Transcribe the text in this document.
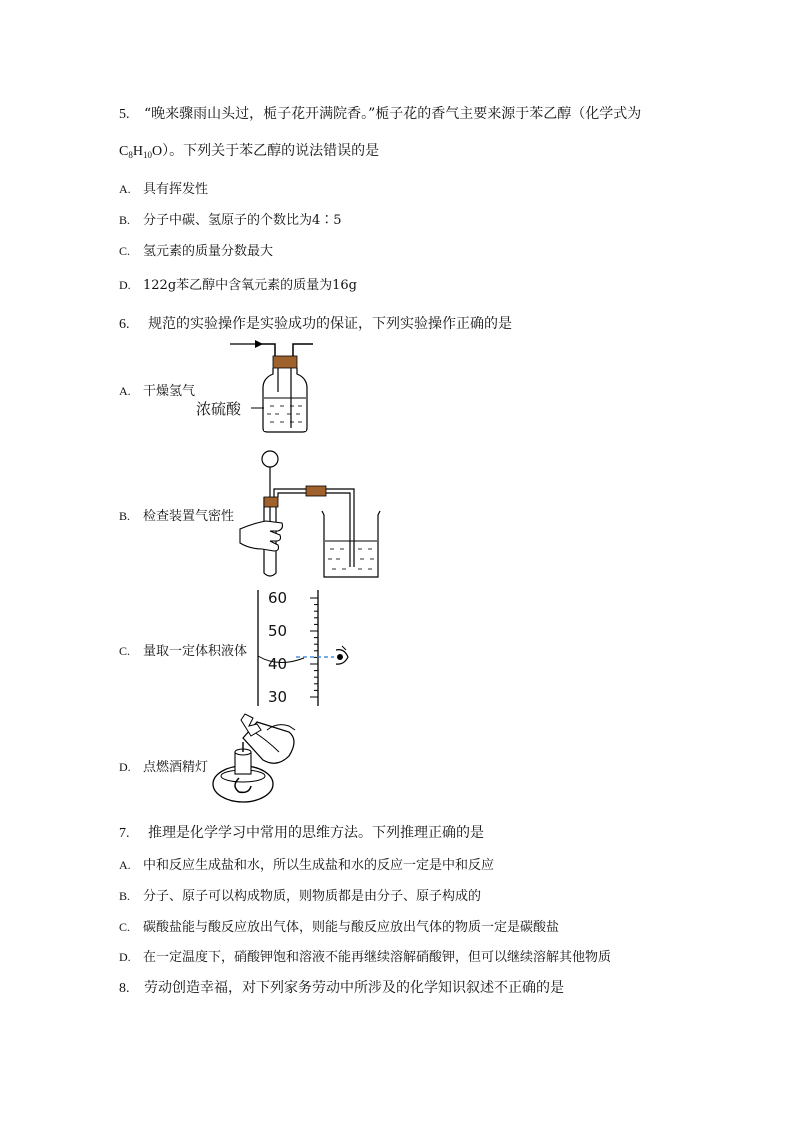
5. “晚来骤雨山头过，栀子花开满院香。”栀子花的香气主要来源于苯乙醇（化学式为
$C_8H_{10}O$）。下列关于苯乙醇的说法错误的是
A. 具有挥发性
B. 分子中碳、氢原子的个数比为4∶5
C. 氢元素的质量分数最大
D. 122g苯乙醇中含氧元素的质量为16g
6. 规范的实验操作是实验成功的保证，下列实验操作正确的是
A. 干燥氢气
浓硫酸
B. 检查装置气密性
C. 量取一定体积液体
60
50
40
30
D. 点燃酒精灯
7. 推理是化学学习中常用的思维方法。下列推理正确的是
A. 中和反应生成盐和水，所以生成盐和水的反应一定是中和反应
B. 分子、原子可以构成物质，则物质都是由分子、原子构成的
C. 碳酸盐能与酸反应放出气体，则能与酸反应放出气体的物质一定是碳酸盐
D. 在一定温度下，硝酸钾饱和溶液不能再继续溶解硝酸钾，但可以继续溶解其他物质
8. 劳动创造幸福，对下列家务劳动中所涉及的化学知识叙述不正确的是
